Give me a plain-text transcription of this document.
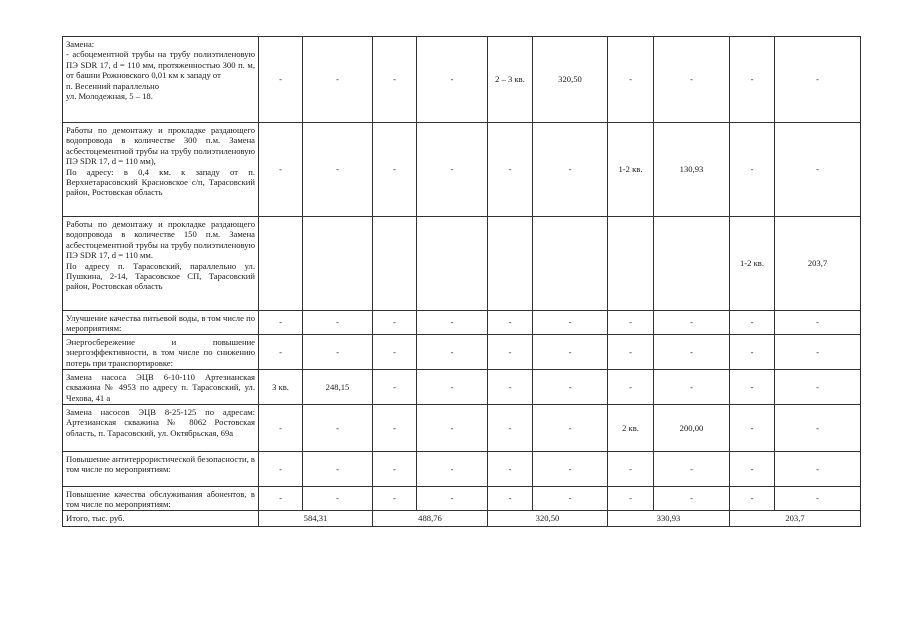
Замена:
- асбоцементной трубы на трубу полиэтиленовую ПЭ SDR 17, d = 110 мм, протяженностью 300 п. м, от башни Рожновского 0,01 км к западу от
п. Весенний параллельно
ул. Молодежная, 5 – 18.	-	-	-	-	2 – 3 кв.	320,50	-	-	-	-
Работы по демонтажу и прокладке раздающего водопровода в количестве 300 п.м. Замена асбестоцементной трубы на трубу полиэтиленовую ПЭ SDR 17, d = 110 мм),
По адресу: в 0,4 км. к западу от п. Верхнетарасовский Красновское с/п, Тарасовский район, Ростовская область	-	-	-	-	-	-	1-2 кв.	130,93	-	-
Работы по демонтажу и прокладке раздающего водопровода в количестве 150 п.м. Замена асбестоцементной трубы на трубу полиэтиленовую ПЭ SDR 17, d = 110 мм.
По адресу п. Тарасовский, параллельно ул. Пушкина, 2-14, Тарасовское СП, Тарасовский район, Ростовская область									1-2 кв.	203,7
Улучшение качества питьевой воды, в том числе по мероприятиям:	-	-	-	-	-	-	-	-	-	-
Энергосбережение и повышение энергоэффективности, в том числе по снижению потерь при транспортировке:	-	-	-	-	-	-	-	-	-	-
Замена насоса ЭЦВ 6-10-110 Артезианская скважина № 4953 по адресу п. Тарасовский, ул. Чехова, 41 а	3 кв.	248,15	-	-	-	-	-	-	-	-
Замена насосов ЭЦВ 8-25-125 по адресам: Артезианская скважина № 8062 Ростовская область, п. Тарасовский, ул. Октябрьская, 69а	-	-	-	-	-	-	2 кв.	200,00	-	-
Повышение антитеррористической безопасности, в том числе по мероприятиям:	-	-	-	-	-	-	-	-	-	-
Повышение качества обслуживания абонентов, в том числе по мероприятиям:	-	-	-	-	-	-	-	-	-	-
Итого, тыс. руб.	584,31		488,76		320,50		330,93		203,7	
